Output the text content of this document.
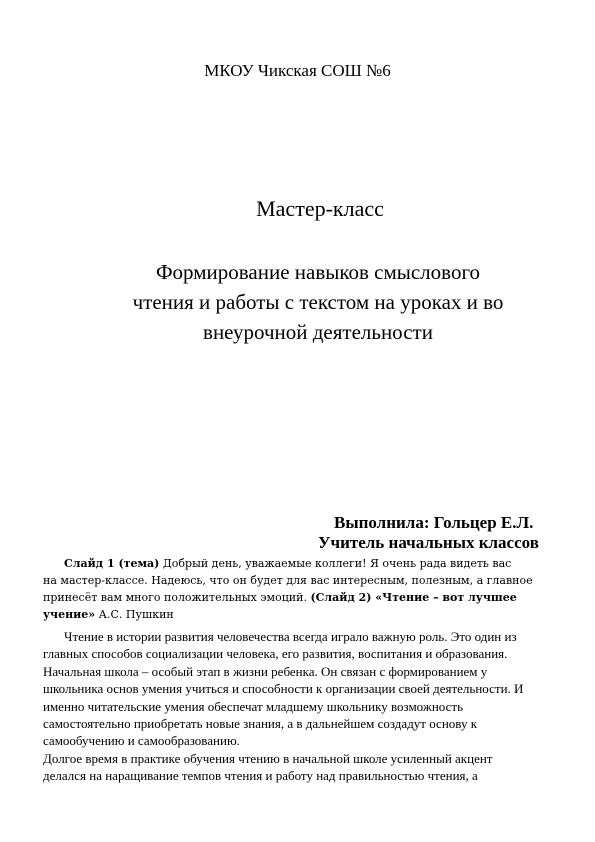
МКОУ Чикская СОШ №6
Мастер-класс
Формирование навыков смыслового
чтения и работы с текстом на уроках и во
внеурочной деятельности
Выполнила: Гольцер Е.Л.
Учитель начальных классов
Слайд 1 (тема) Добрый день, уважаемые коллеги! Я очень рада видеть вас
на мастер-классе. Надеюсь, что он будет для вас интересным, полезным, а главное
принесёт вам много положительных эмоций. (Слайд 2) «Чтение – вот лучшее
учение» А.С. Пушкин
Чтение в истории развития человечества всегда играло важную роль. Это один из
главных способов социализации человека, его развития, воспитания и образования.
Начальная школа – особый этап в жизни ребенка. Он связан с формированием у
школьника основ умения учиться и способности к организации своей деятельности. И
именно читательские умения обеспечат младшему школьнику возможность
самостоятельно приобретать новые знания, а в дальнейшем создадут основу к
самообучению и самообразованию.
Долгое время в практике обучения чтению в начальной школе усиленный акцент
делался на наращивание темпов чтения и работу над правильностью чтения, а
